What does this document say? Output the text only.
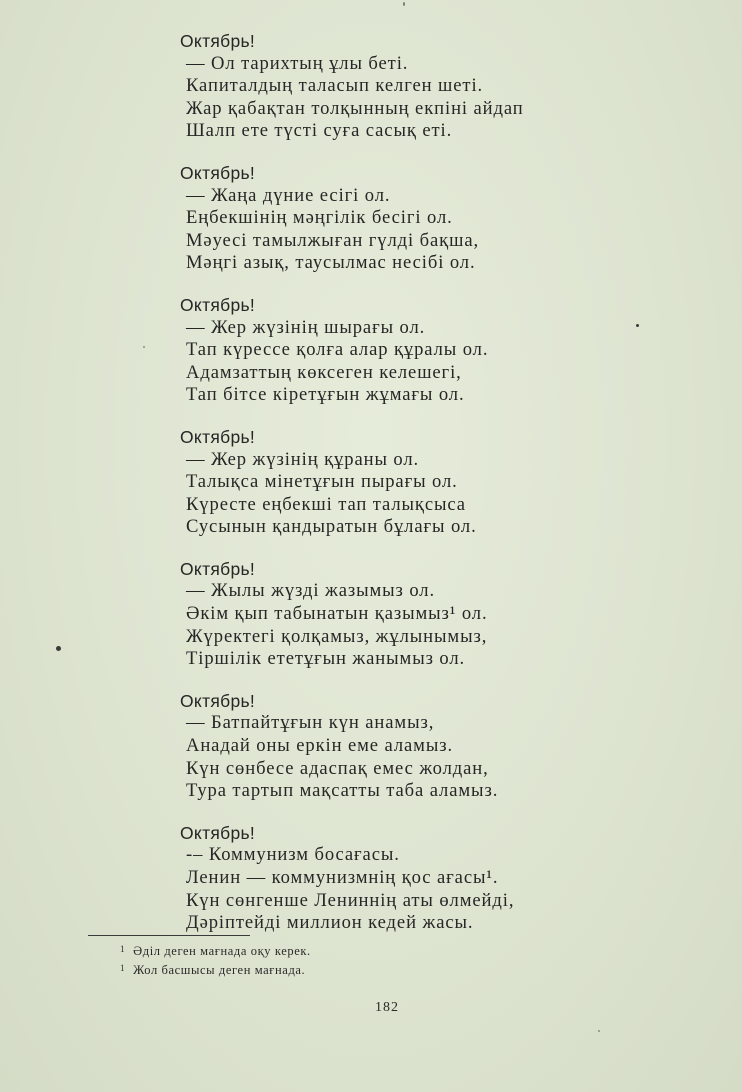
Октябрь!
— Ол тарихтың ұлы беті.
Капиталдың таласып келген шеті.
Жар қабақтан толқынның екпіні айдап
Шалп ете түсті суға сасық еті.
Октябрь!
— Жаңа дүние есігі ол.
Еңбекшінің мәңгілік бесігі ол.
Мәуесі тамылжыған гүлді бақша,
Мәңгі азық, таусылмас несібі ол.
Октябрь!
— Жер жүзінің шырағы ол.
Тап күрессе қолға алар құралы ол.
Адамзаттың көксеген келешегі,
Тап бітсе кіретұғын жұмағы ол.
Октябрь!
— Жер жүзінің құраны ол.
Талықса мінетұғын пырағы ол.
Күресте еңбекші тап талықсыса
Сусынын қандыратын бұлағы ол.
Октябрь!
— Жылы жүзді жазымыз ол.
Әкім қып табынатын қазымыз¹ ол.
Жүректегі қолқамыз, жұлынымыз,
Тіршілік ететұғын жанымыз ол.
Октябрь!
— Батпайтұғын күн анамыз,
Анадай оны еркін еме аламыз.
Күн сөнбесе адаспақ емес жолдан,
Тура тартып мақсатты таба аламыз.
Октябрь!
-– Коммунизм босағасы.
Ленин — коммунизмнің қос ағасы¹.
Күн сөнгенше Лениннің аты өлмейді,
Дәріптейді миллион кедей жасы.
$^1$ Әділ деген мағнада оқу керек.
$^1$ Жол басшысы деген мағнада.
182
